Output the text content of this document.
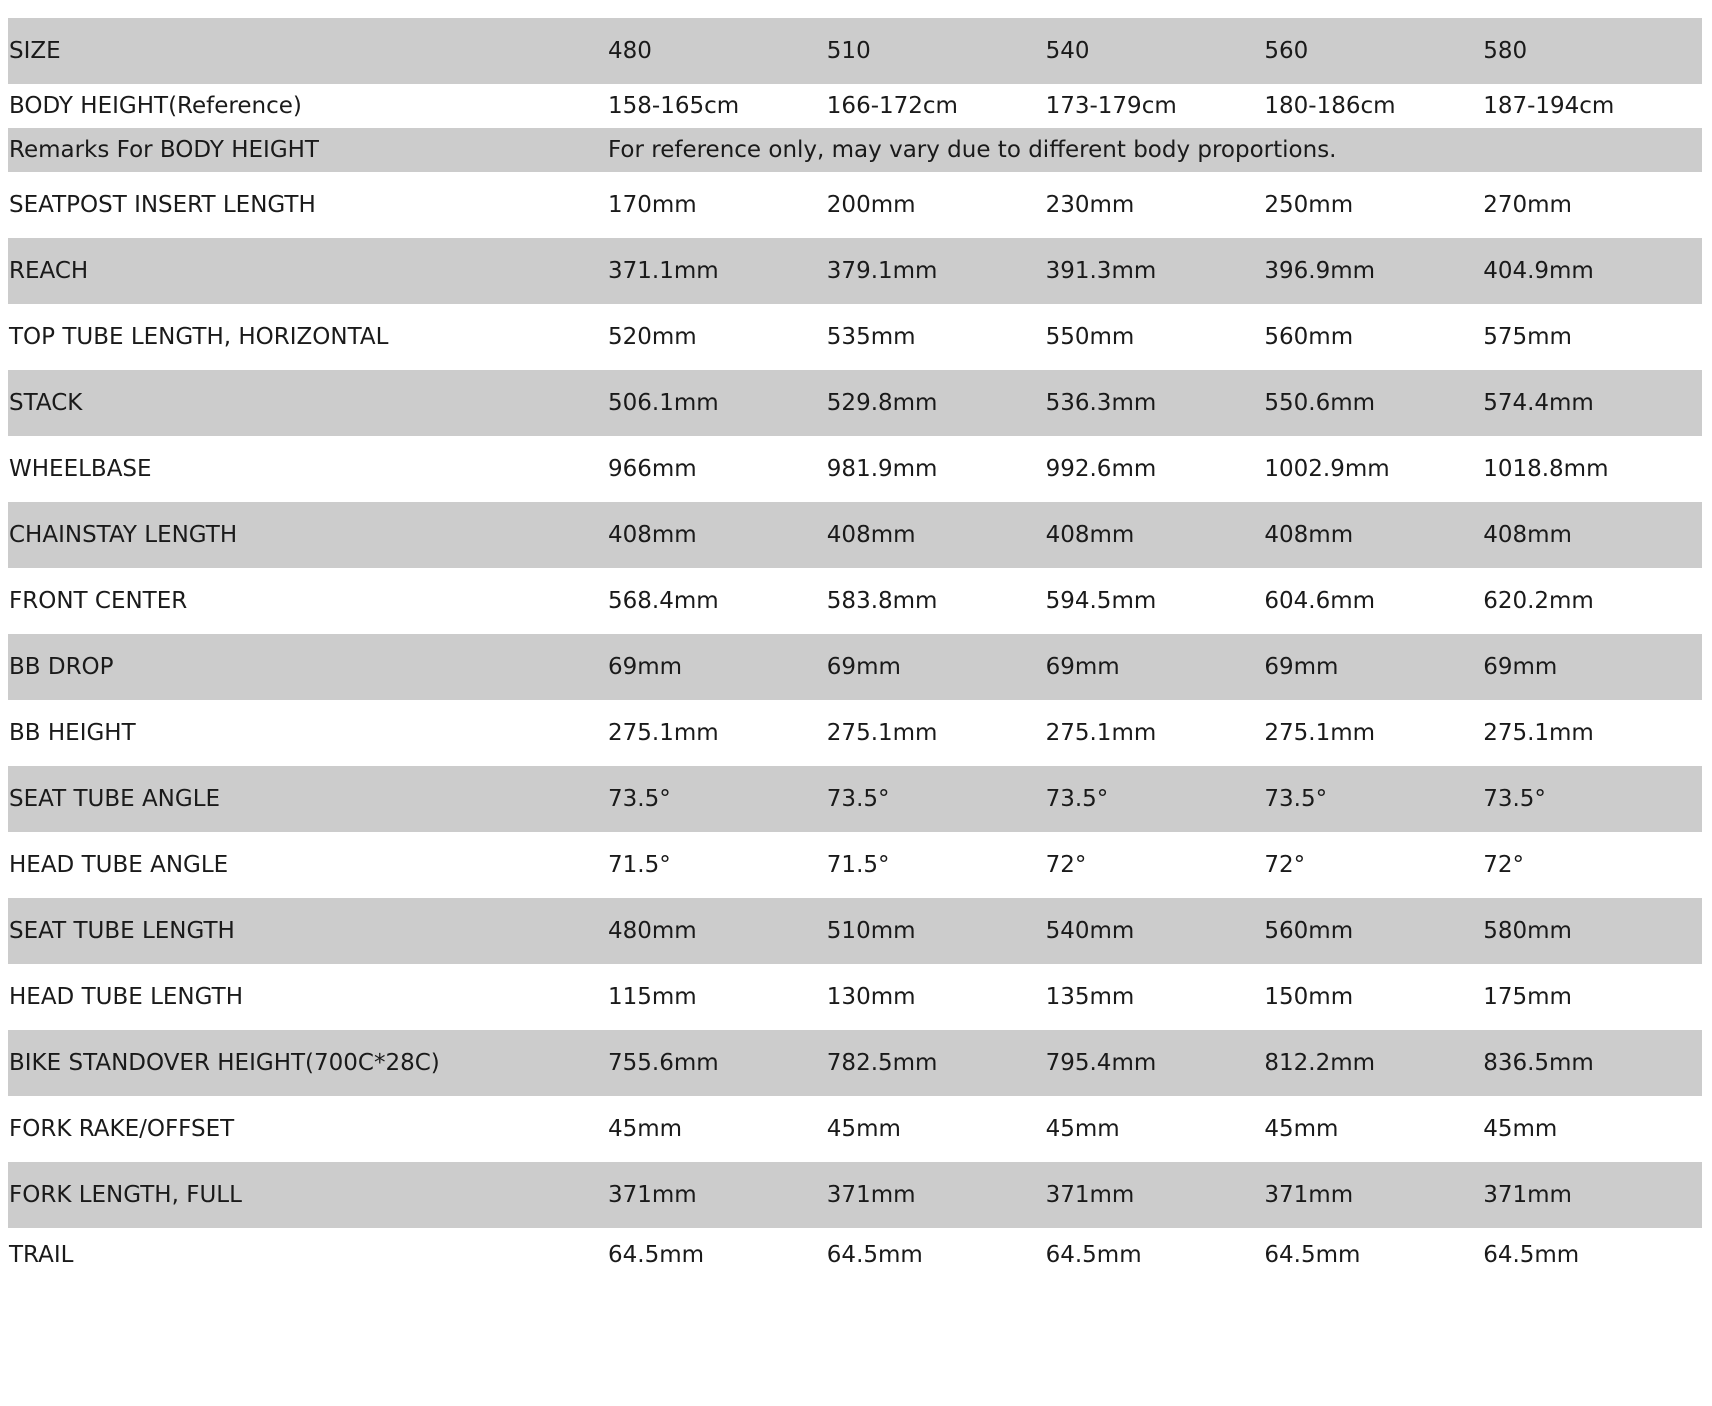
SIZE	480	510	540	560	580
BODY HEIGHT(Reference)	158-165cm	166-172cm	173-179cm	180-186cm	187-194cm
Remarks For BODY HEIGHT	For reference only, may vary due to different body proportions.				
SEATPOST INSERT LENGTH	170mm	200mm	230mm	250mm	270mm
REACH	371.1mm	379.1mm	391.3mm	396.9mm	404.9mm
TOP TUBE LENGTH, HORIZONTAL	520mm	535mm	550mm	560mm	575mm
STACK	506.1mm	529.8mm	536.3mm	550.6mm	574.4mm
WHEELBASE	966mm	981.9mm	992.6mm	1002.9mm	1018.8mm
CHAINSTAY LENGTH	408mm	408mm	408mm	408mm	408mm
FRONT CENTER	568.4mm	583.8mm	594.5mm	604.6mm	620.2mm
BB DROP	69mm	69mm	69mm	69mm	69mm
BB HEIGHT	275.1mm	275.1mm	275.1mm	275.1mm	275.1mm
SEAT TUBE ANGLE	73.5°	73.5°	73.5°	73.5°	73.5°
HEAD TUBE ANGLE	71.5°	71.5°	72°	72°	72°
SEAT TUBE LENGTH	480mm	510mm	540mm	560mm	580mm
HEAD TUBE LENGTH	115mm	130mm	135mm	150mm	175mm
BIKE STANDOVER HEIGHT(700C*28C)	755.6mm	782.5mm	795.4mm	812.2mm	836.5mm
FORK RAKE/OFFSET	45mm	45mm	45mm	45mm	45mm
FORK LENGTH, FULL	371mm	371mm	371mm	371mm	371mm
TRAIL	64.5mm	64.5mm	64.5mm	64.5mm	64.5mm
